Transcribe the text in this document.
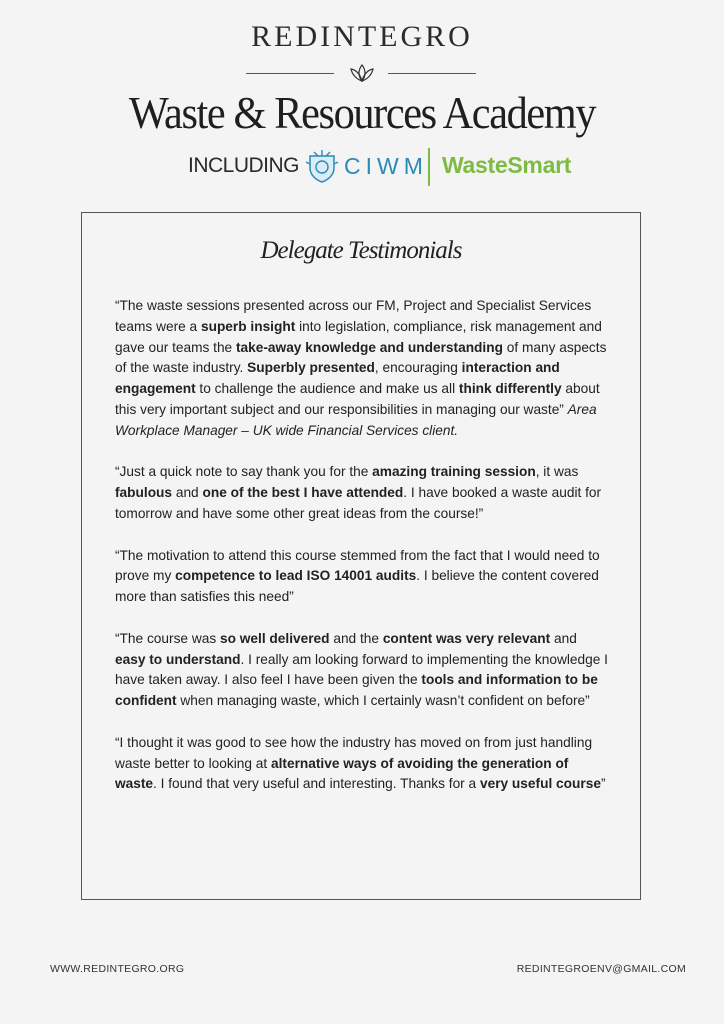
REDINTEGRO
Waste & Resources Academy
INCLUDING CIWM WasteSmart
Delegate Testimonials

“The waste sessions presented across our FM, Project and Specialist Services teams were a superb insight into legislation, compliance, risk management and gave our teams the take-away knowledge and understanding of many aspects of the waste industry. Superbly presented, encouraging interaction and engagement to challenge the audience and make us all think differently about this very important subject and our responsibilities in managing our waste” Area Workplace Manager – UK wide Financial Services client.

“Just a quick note to say thank you for the amazing training session, it was fabulous and one of the best I have attended. I have booked a waste audit for tomorrow and have some other great ideas from the course!”

“The motivation to attend this course stemmed from the fact that I would need to prove my competence to lead ISO 14001 audits. I believe the content covered more than satisfies this need”

“The course was so well delivered and the content was very relevant and easy to understand. I really am looking forward to implementing the knowledge I have taken away. I also feel I have been given the tools and information to be confident when managing waste, which I certainly wasn’t confident on before”

“I thought it was good to see how the industry has moved on from just handling waste better to looking at alternative ways of avoiding the generation of waste. I found that very useful and interesting. Thanks for a very useful course”

WWW.REDINTEGRO.ORG	REDINTEGROENV@GMAIL.COM
